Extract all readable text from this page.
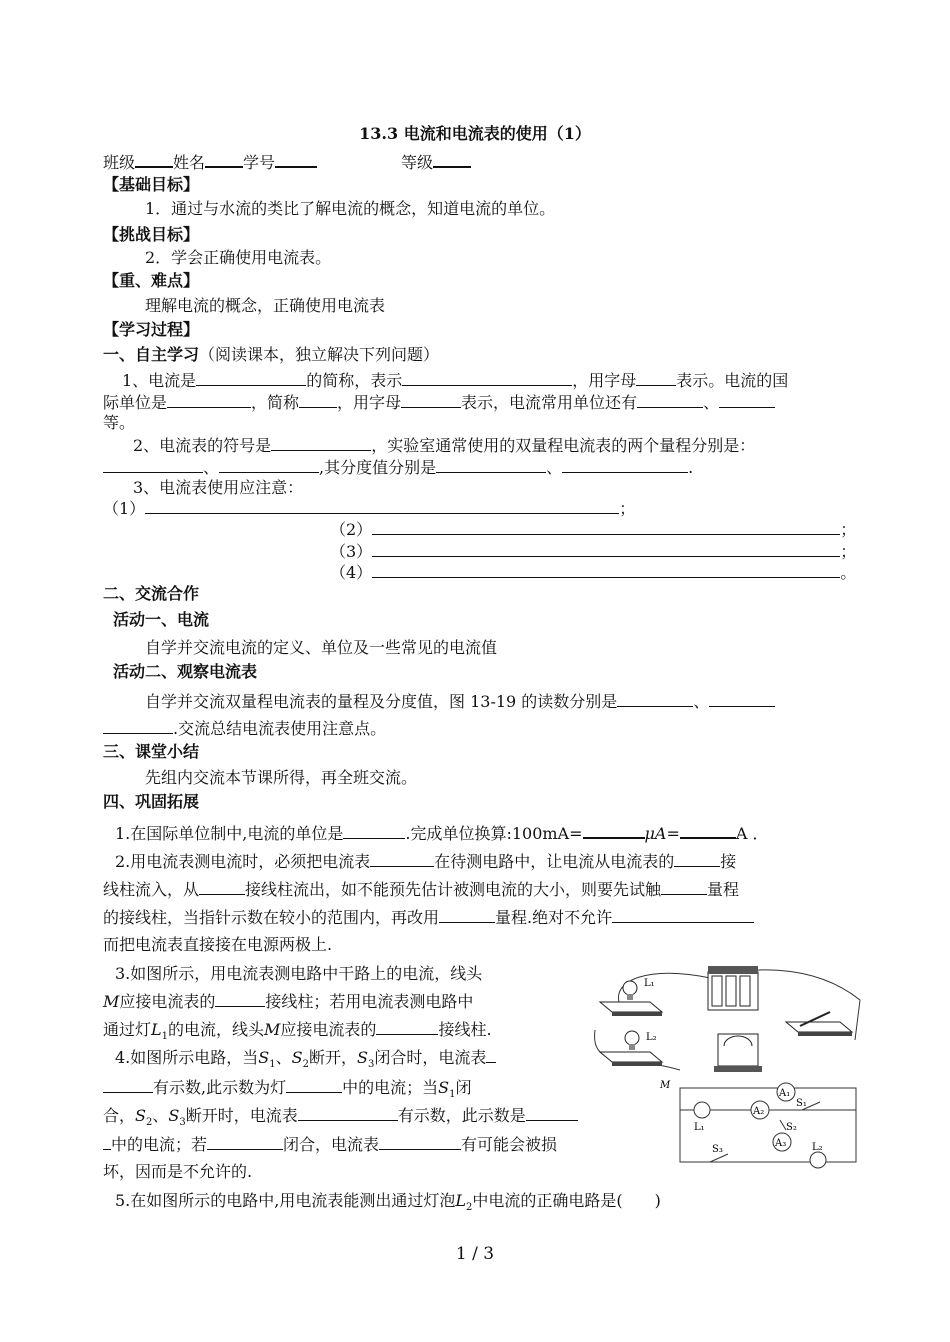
13.3 电流和电流表的使用（1）
班级 姓名 学号	等级
【基础目标】
1．通过与水流的类比了解电流的概念，知道电流的单位。
【挑战目标】
2．学会正确使用电流表。
【重、难点】
理解电流的概念，正确使用电流表
【学习过程】
一、自主学习（阅读课本，独立解决下列问题）
1、电流是	的简称，表示	，用字母	表示。电流的国
际单位是	，简称 ，用字母	表示，电流常用单位还有	、
等。
2、电流表的符号是	，实验室通常使用的双量程电流表的两个量程分别是：
、	,其分度值分别是	、	.
3、电流表使用应注意：
（1）	；
（2）	；
（3）	；
（4）	。
二、交流合作
活动一、电流
自学并交流电流的定义、单位及一些常见的电流值
活动二、观察电流表
自学并交流双量程电流表的量程及分度值，图 13-19 的读数分别是	、
.交流总结电流表使用注意点。
三、课堂小结
先组内交流本节课所得，再全班交流。
四、巩固拓展
1.在国际单位制中,电流的单位是	.完成单位换算:100mA=	μA=	A ．
2.用电流表测电流时，必须把电流表	在待测电路中，让电流从电流表的	接
线柱流入，从	接线柱流出，如不能预先估计被测电流的大小，则要先试触	量程
的接线柱，当指针示数在较小的范围内，再改用	量程.绝对不允许
而把电流表直接接在电源两极上.
3.如图所示，用电流表测电路中干路上的电流，线头
M应接电流表的	接线柱；若用电流表测电路中
通过灯$L_1$的电流，线头M应接电流表的	接线柱.
4.如图所示电路，当$S_1$、$S_2$断开，$S_3$闭合时，电流表
有示数,此示数为灯	中的电流；当$S_1$闭
合，$S_2$、$S_3$断开时，电流表	有示数，此示数是
中的电流；若	闭合，电流表	有可能会被损
坏，因而是不允许的.
5.在如图所示的电路中,用电流表能测出通过灯泡$L_2$中电流的正确电路是(　　)
L₁
L₂
M
L₁
A₂
A₁
S₁
S₂
A₃
S₃	L₂
1 / 3
